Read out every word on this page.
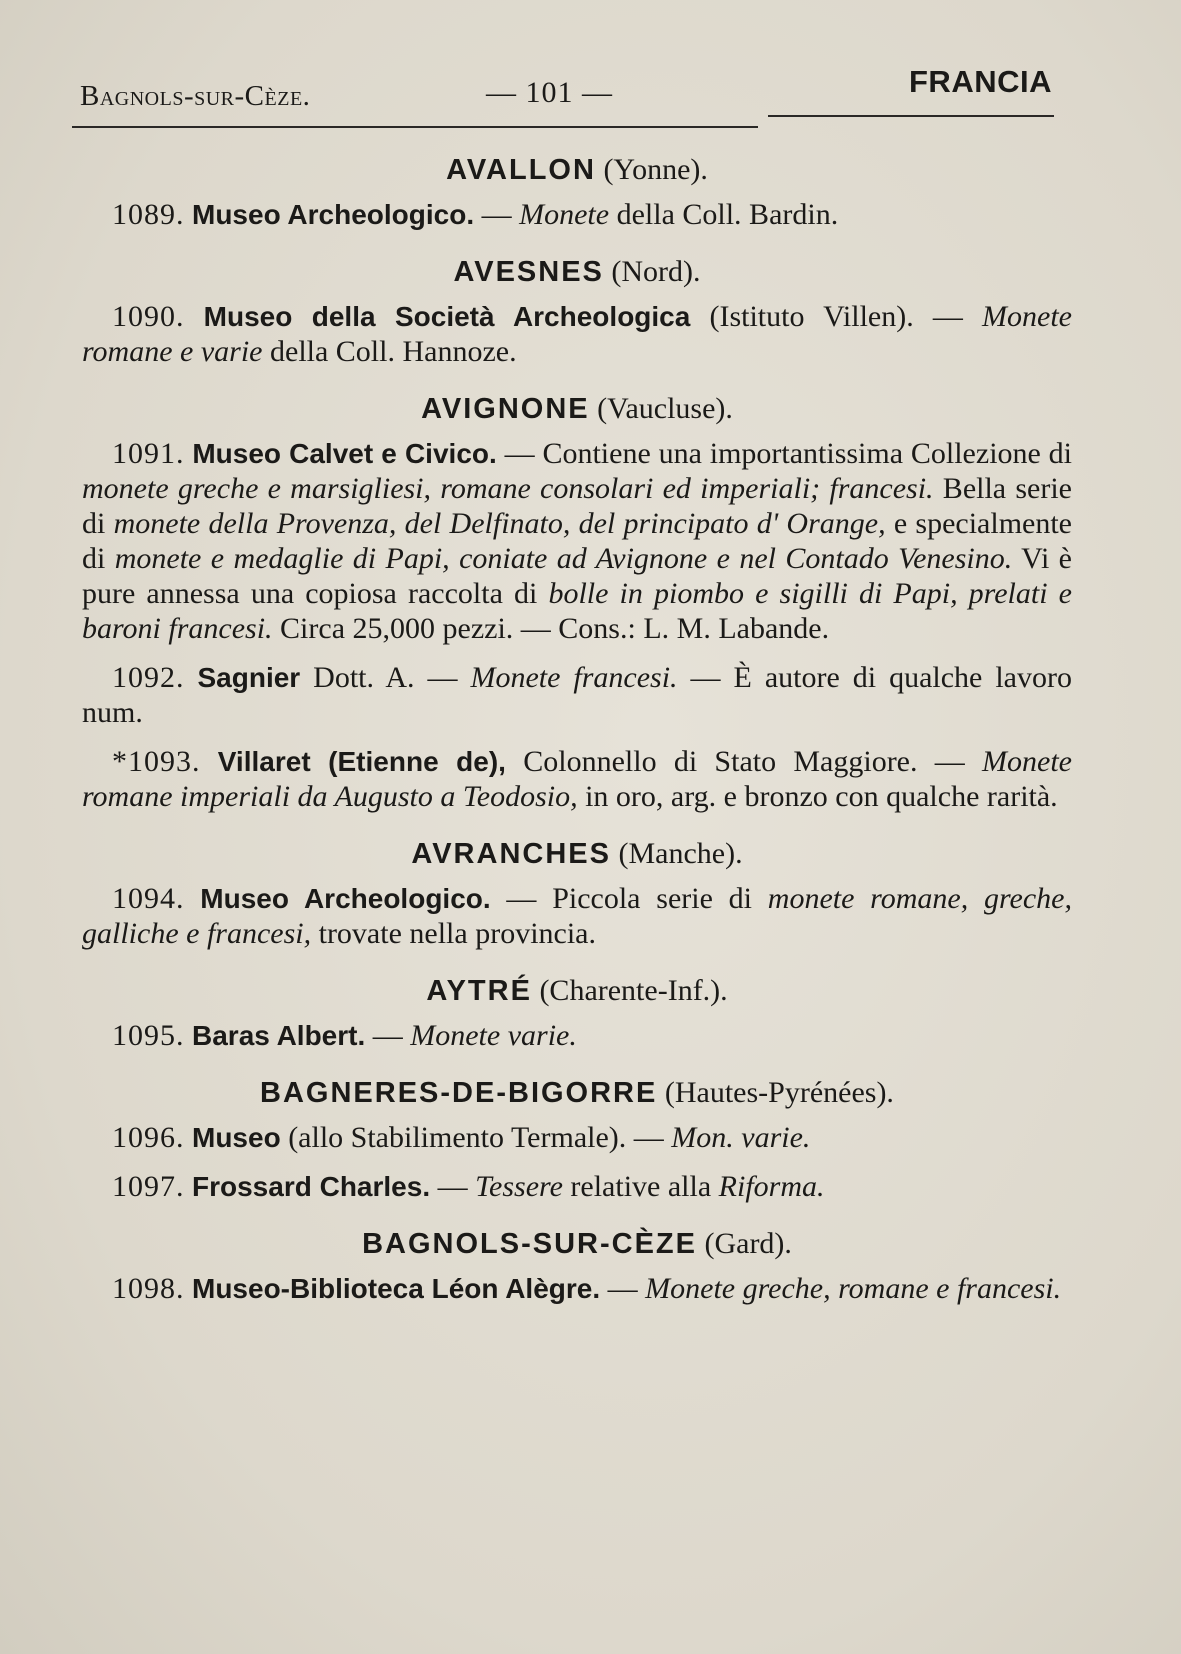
Bagnols-sur-Cèze.	— 101 —	FRANCIA
AVALLON (Yonne).
1089. Museo Archeologico. — Monete della Coll. Bardin.
AVESNES (Nord).
1090. Museo della Società Archeologica (Istituto Villen). — Monete romane e varie della Coll. Hannoze.
AVIGNONE (Vaucluse).
1091. Museo Calvet e Civico. — Contiene una importantissima Collezione di monete greche e marsigliesi, romane consolari ed imperiali; francesi. Bella serie di monete della Provenza, del Delfinato, del principato d' Orange, e specialmente di monete e medaglie di Papi, coniate ad Avignone e nel Contado Venesino. Vi è pure annessa una copiosa raccolta di bolle in piombo e sigilli di Papi, prelati e baroni francesi. Circa 25,000 pezzi. — Cons.: L. M. Labande.
1092. Sagnier Dott. A. — Monete francesi. — È autore di qualche lavoro num.
*1093. Villaret (Etienne de), Colonnello di Stato Maggiore. — Monete romane imperiali da Augusto a Teodosio, in oro, arg. e bronzo con qualche rarità.
AVRANCHES (Manche).
1094. Museo Archeologico. — Piccola serie di monete romane, greche, galliche e francesi, trovate nella provincia.
AYTRÉ (Charente-Inf.).
1095. Baras Albert. — Monete varie.
BAGNERES-DE-BIGORRE (Hautes-Pyrénées).
1096. Museo (allo Stabilimento Termale). — Mon. varie.
1097. Frossard Charles. — Tessere relative alla Riforma.
BAGNOLS-SUR-CÈZE (Gard).
1098. Museo-Biblioteca Léon Alègre. — Monete greche, romane e francesi.
